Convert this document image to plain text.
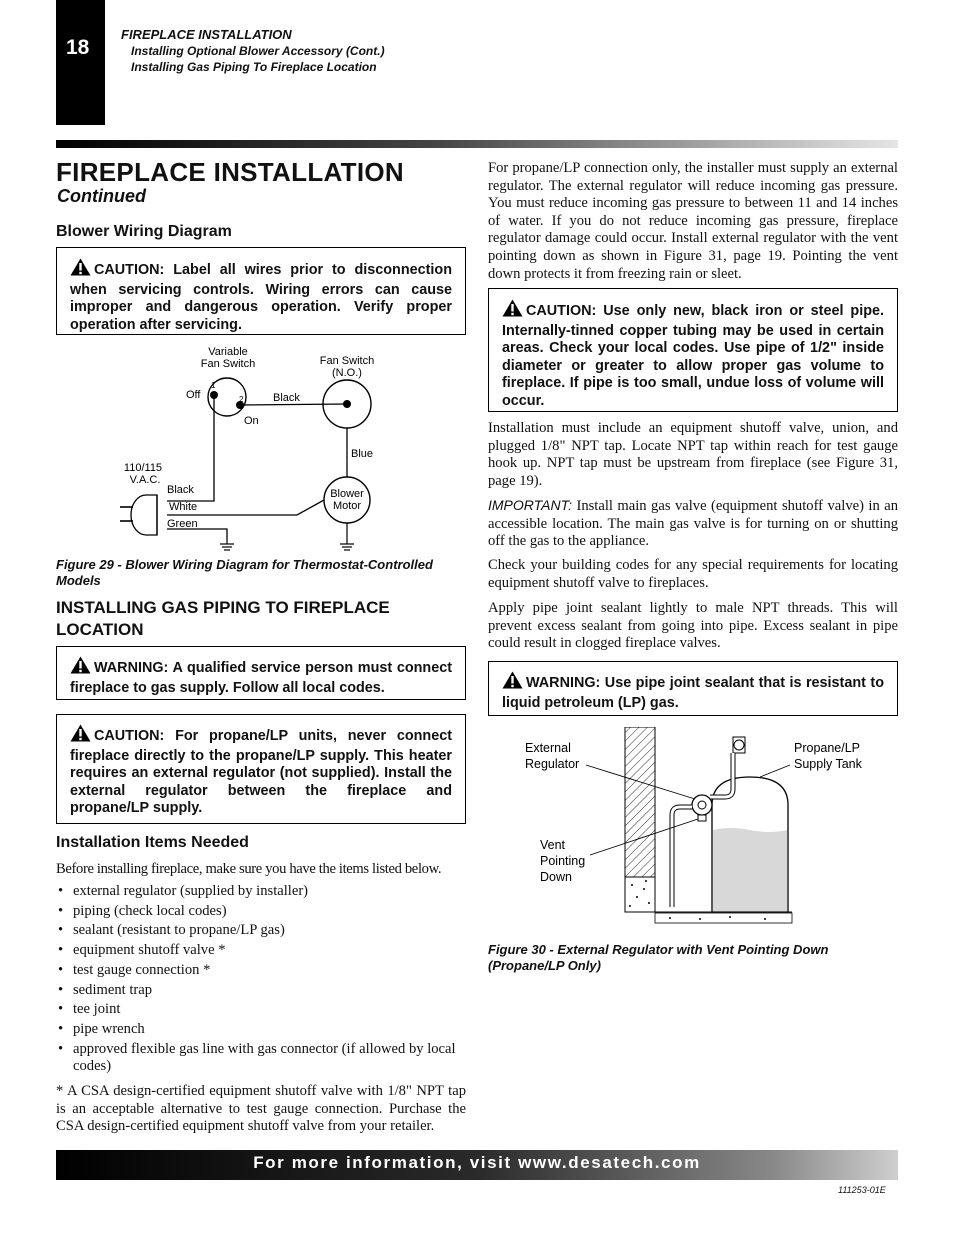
18
FIREPLACE INSTALLATION
Installing Optional Blower Accessory (Cont.)
Installing Gas Piping To Fireplace Location
FIREPLACE INSTALLATION
Continued
Blower Wiring Diagram
CAUTION: Label all wires prior to disconnection when servicing controls. Wiring errors can cause improper and dangerous operation. Verify proper operation after servicing.
Variable
Fan Switch	Fan Switch
(N.O.)
Off
1
2
On
Black
Blue
110/115
V.A.C.
Black
White
Green
Blower
Motor
Figure 29 - Blower Wiring Diagram for Thermostat-Controlled Models
INSTALLING GAS PIPING TO FIREPLACE
LOCATION
WARNING: A qualified service person must connect fireplace to gas supply. Follow all local codes.
CAUTION: For propane/LP units, never connect fireplace directly to the propane/LP supply. This heater requires an external regulator (not supplied). Install the external regulator between the fireplace and propane/LP supply.
Installation Items Needed
Before installing fireplace, make sure you have the items listed below.
• external regulator (supplied by installer)
• piping (check local codes)
• sealant (resistant to propane/LP gas)
• equipment shutoff valve *
• test gauge connection *
• sediment trap
• tee joint
• pipe wrench
• approved flexible gas line with gas connector (if allowed by local codes)
* A CSA design-certified equipment shutoff valve with 1/8" NPT tap is an acceptable alternative to test gauge connection. Purchase the CSA design-certified equipment shutoff valve from your retailer.
For propane/LP connection only, the installer must supply an external regulator. The external regulator will reduce incoming gas pressure. You must reduce incoming gas pressure to between 11 and 14 inches of water. If you do not reduce incoming gas pressure, fireplace regulator damage could occur. Install external regulator with the vent pointing down as shown in Figure 31, page 19. Pointing the vent down protects it from freezing rain or sleet.
CAUTION: Use only new, black iron or steel pipe. Internally-tinned copper tubing may be used in certain areas. Check your local codes. Use pipe of 1/2" inside diameter or greater to allow proper gas volume to fireplace. If pipe is too small, undue loss of volume will occur.
Installation must include an equipment shutoff valve, union, and plugged 1/8" NPT tap. Locate NPT tap within reach for test gauge hook up. NPT tap must be upstream from fireplace (see Figure 31, page 19).
IMPORTANT: Install main gas valve (equipment shutoff valve) in an accessible location. The main gas valve is for turning on or shutting off the gas to the appliance.
Check your building codes for any special requirements for locating equipment shutoff valve to fireplaces.
Apply pipe joint sealant lightly to male NPT threads. This will prevent excess sealant from going into pipe. Excess sealant in pipe could result in clogged fireplace valves.
WARNING: Use pipe joint sealant that is resistant to liquid petroleum (LP) gas.
External
Regulator
Propane/LP
Supply Tank
Vent
Pointing
Down
Figure 30 - External Regulator with Vent Pointing Down (Propane/LP Only)
For more information, visit www.desatech.com
111253-01E
